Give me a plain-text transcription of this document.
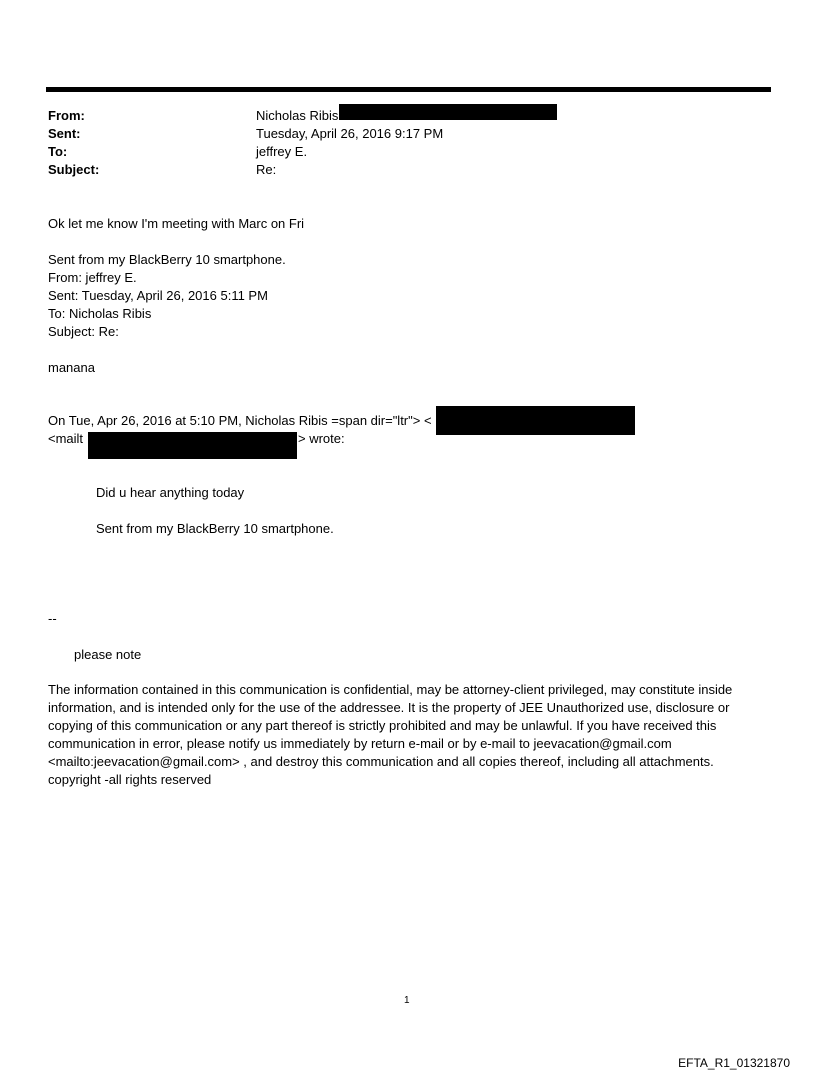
From:	Nicholas Ribis
Sent:	Tuesday, April 26, 2016 9:17 PM
To:	jeffrey E.
Subject:	Re:
Ok let me know I'm meeting with Marc on Fri
Sent from my BlackBerry 10 smartphone.
From: jeffrey E.
Sent: Tuesday, April 26, 2016 5:11 PM
To: Nicholas Ribis
Subject: Re:
manana
On Tue, Apr 26, 2016 at 5:10 PM, Nicholas Ribis =span dir="ltr"> <
<mailt	> wrote:
Did u hear anything today
Sent from my BlackBerry 10 smartphone.
--
please note
The information contained in this communication is confidential, may be attorney-client privileged, may constitute inside information, and is intended only for the use of the addressee. It is the property of JEE Unauthorized use, disclosure or copying of this communication or any part thereof is strictly prohibited and may be unlawful. If you have received this communication in error, please notify us immediately by return e-mail or by e-mail to jeevacation@gmail.com <mailto:jeevacation@gmail.com> , and destroy this communication and all copies thereof, including all attachments. copyright -all rights reserved
1
EFTA_R1_01321870
